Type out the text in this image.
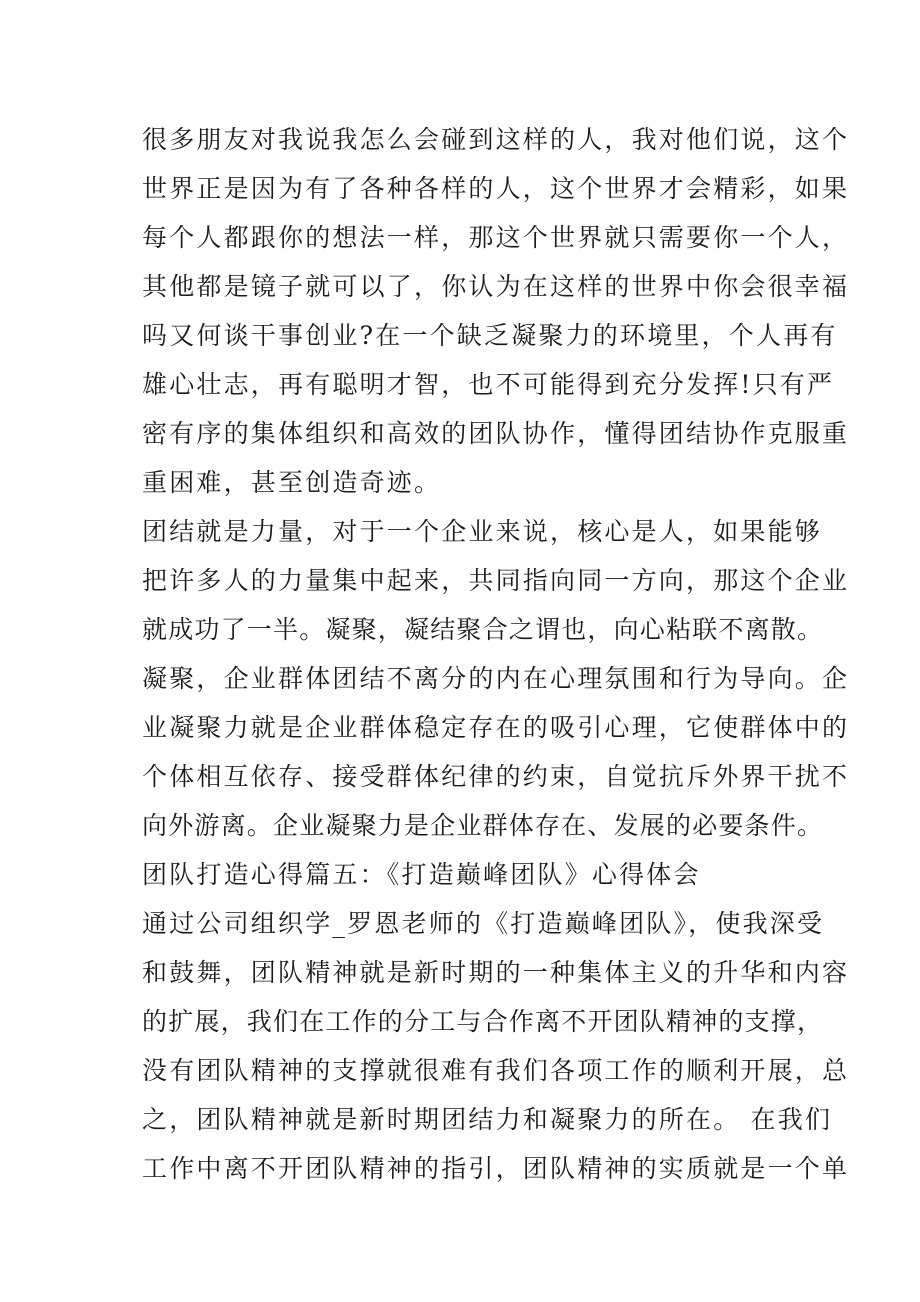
很多朋友对我说我怎么会碰到这样的人，我对他们说，这个
世界正是因为有了各种各样的人，这个世界才会精彩，如果
每个人都跟你的想法一样，那这个世界就只需要你一个人，
其他都是镜子就可以了，你认为在这样的世界中你会很幸福
吗又何谈干事创业?在一个缺乏凝聚力的环境里，个人再有
雄心壮志，再有聪明才智，也不可能得到充分发挥!只有严
密有序的集体组织和高效的团队协作，懂得团结协作克服重
重困难，甚至创造奇迹。
团结就是力量，对于一个企业来说，核心是人，如果能够
把许多人的力量集中起来，共同指向同一方向，那这个企业
就成功了一半。凝聚，凝结聚合之谓也，向心粘联不离散。
凝聚，企业群体团结不离分的内在心理氛围和行为导向。企
业凝聚力就是企业群体稳定存在的吸引心理，它使群体中的
个体相互依存、接受群体纪律的约束，自觉抗斥外界干扰不
向外游离。企业凝聚力是企业群体存在、发展的必要条件。
团队打造心得篇五：《打造巅峰团队》心得体会
通过公司组织学_罗恩老师的《打造巅峰团队》，使我深受
和鼓舞，团队精神就是新时期的一种集体主义的升华和内容
的扩展，我们在工作的分工与合作离不开团队精神的支撑，
没有团队精神的支撑就很难有我们各项工作的顺利开展，总
之，团队精神就是新时期团结力和凝聚力的所在。 在我们
工作中离不开团队精神的指引，团队精神的实质就是一个单
